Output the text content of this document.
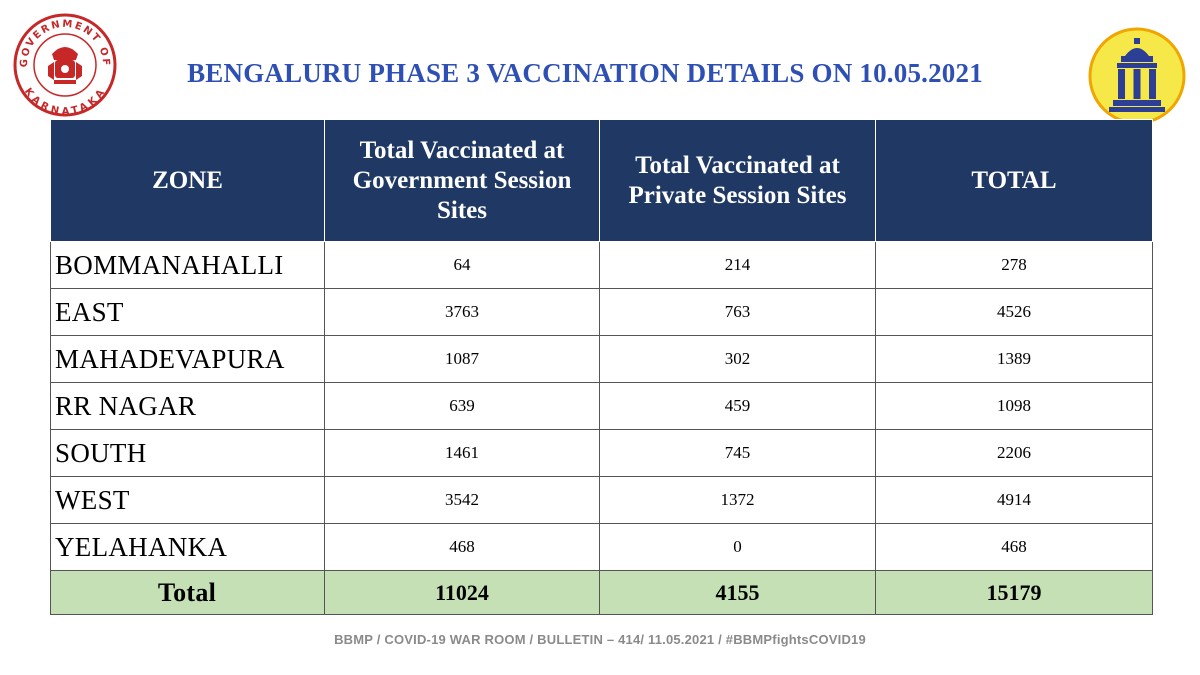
GOVERNMENT OF
KARNATAKA
BENGALURU PHASE 3 VACCINATION DETAILS ON 10.05.2021
ZONE	Total Vaccinated at Government Session Sites	Total Vaccinated at Private Session Sites	TOTAL
BOMMANAHALLI	64	214	278
EAST	3763	763	4526
MAHADEVAPURA	1087	302	1389
RR NAGAR	639	459	1098
SOUTH	1461	745	2206
WEST	3542	1372	4914
YELAHANKA	468	0	468
Total	11024	4155	15179
BBMP / COVID-19 WAR ROOM / BULLETIN – 414/ 11.05.2021 / #BBMPfightsCOVID19
